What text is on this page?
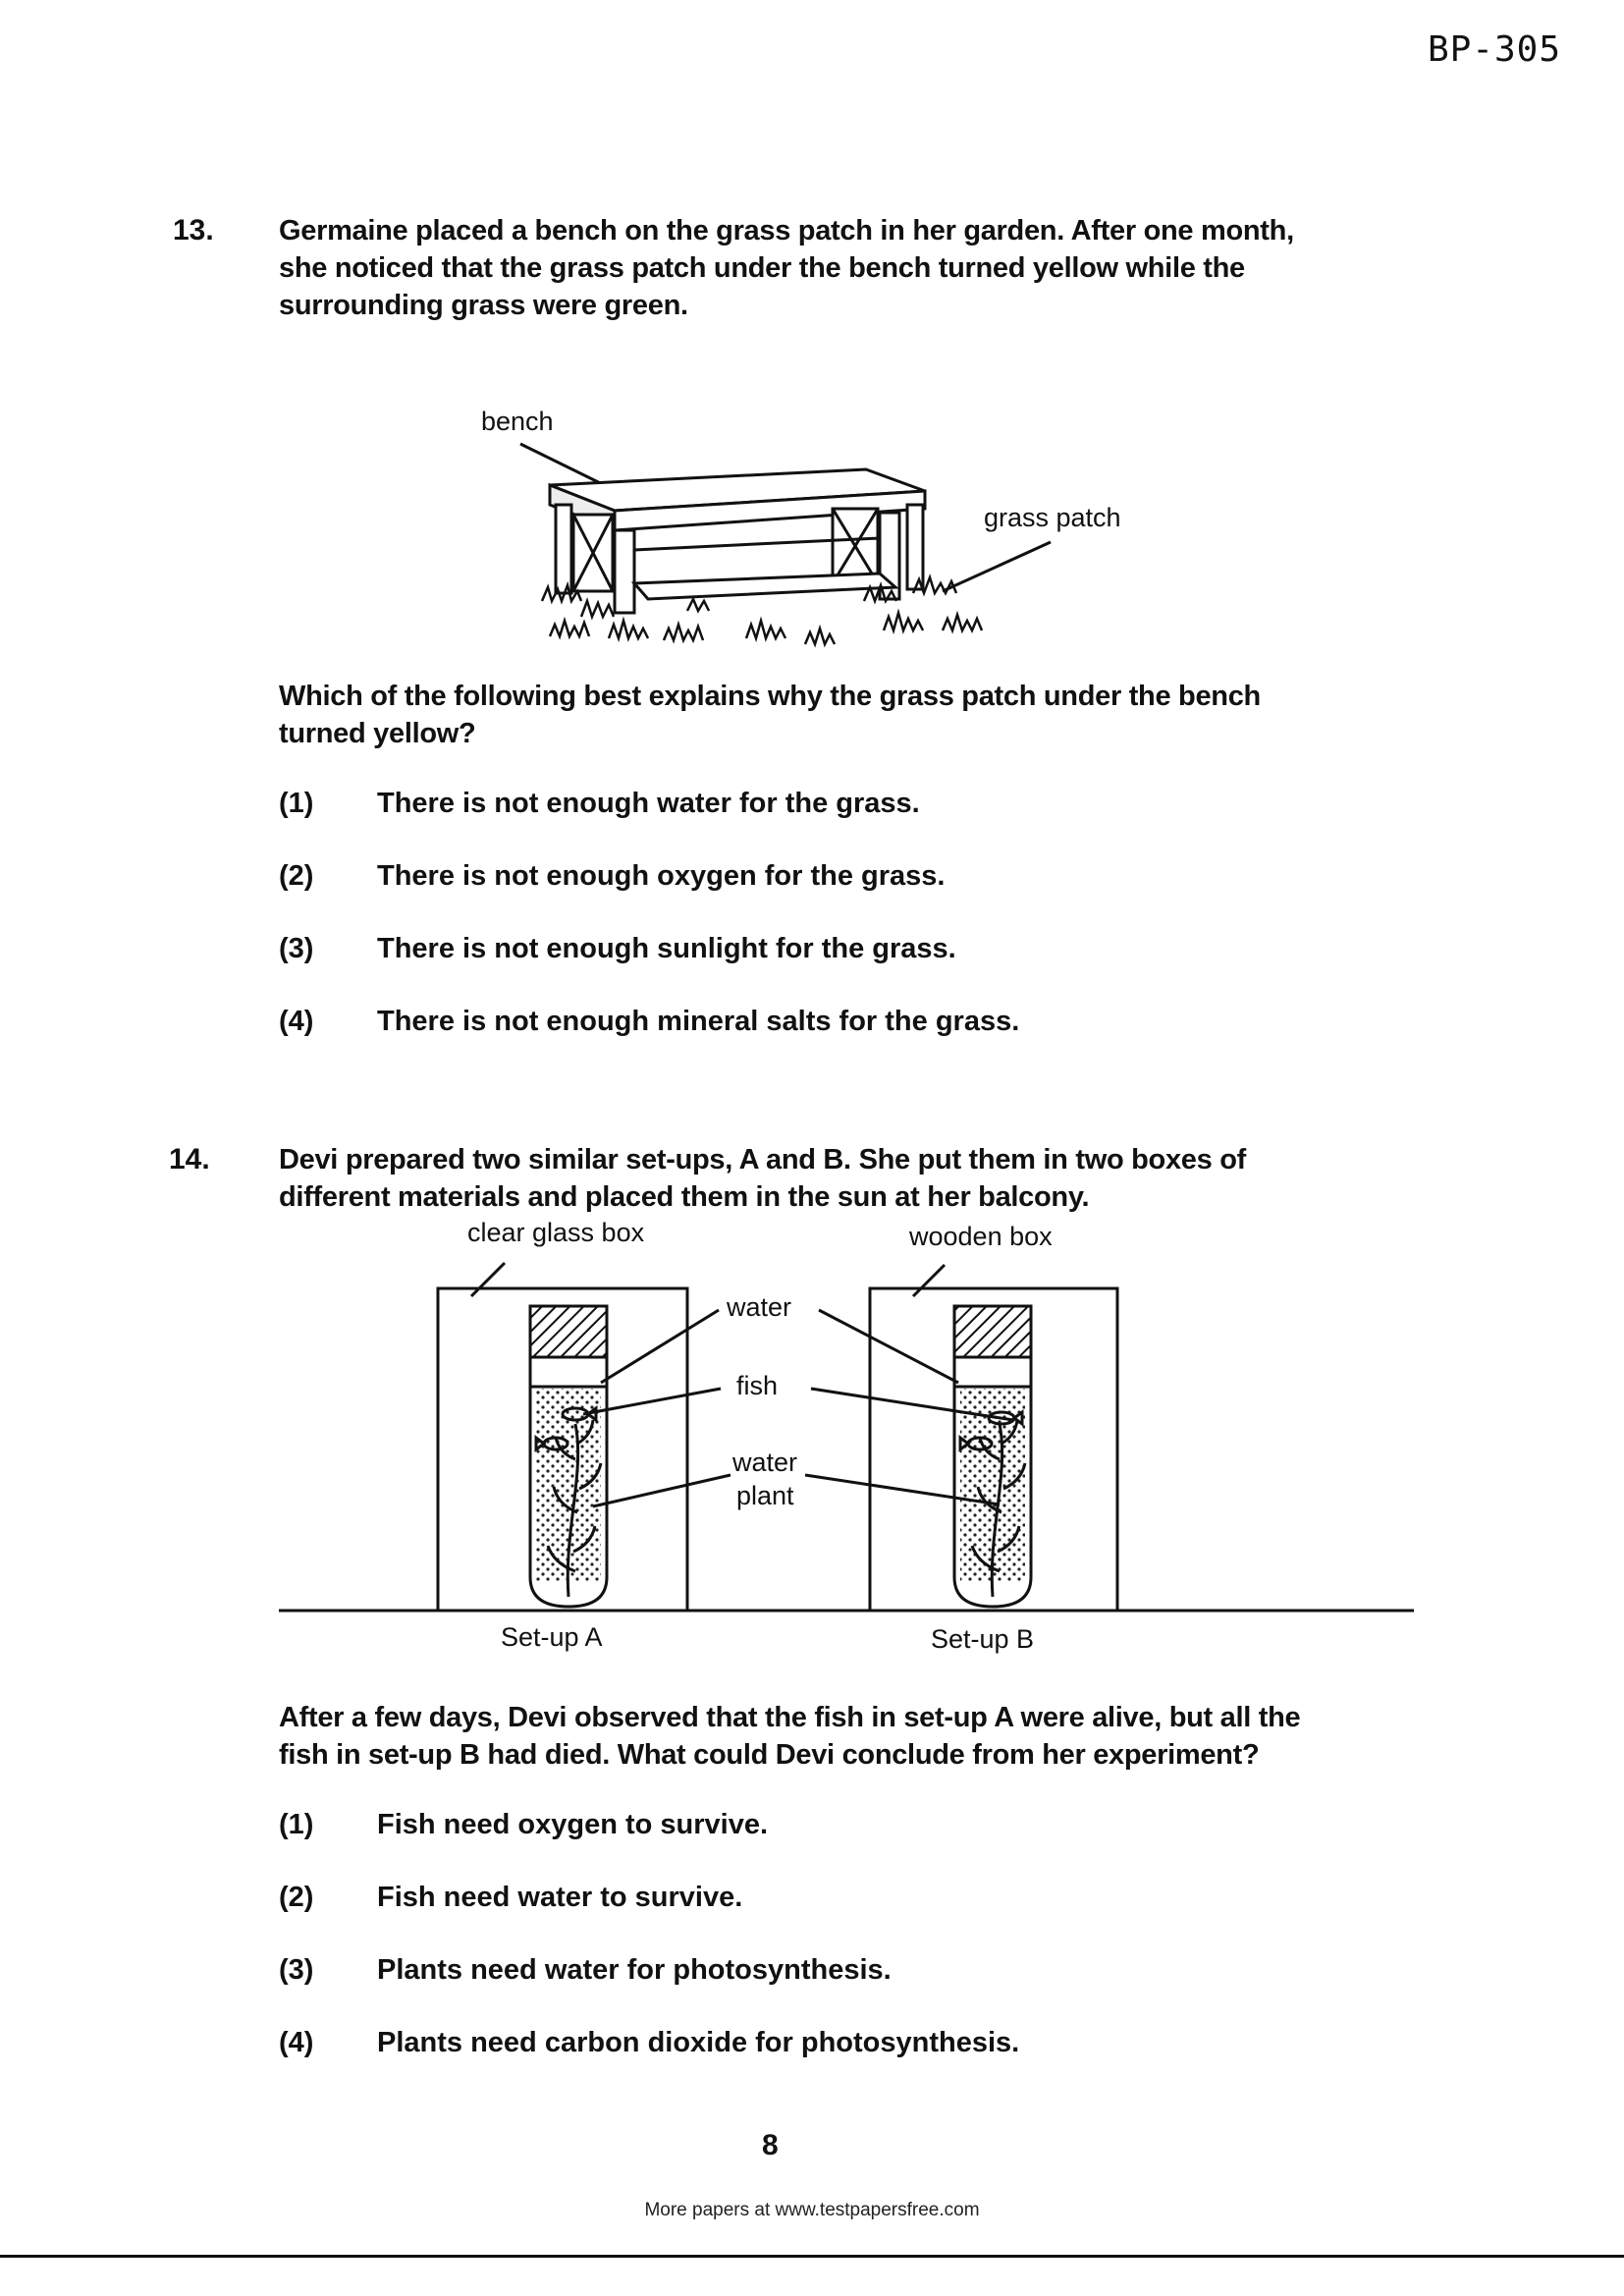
BP-305
13. Germaine placed a bench on the grass patch in her garden. After one month,
she noticed that the grass patch under the bench turned yellow while the
surrounding grass were green.
bench
grass patch
Which of the following best explains why the grass patch under the bench
turned yellow?
(1) There is not enough water for the grass.
(2) There is not enough oxygen for the grass.
(3) There is not enough sunlight for the grass.
(4) There is not enough mineral salts for the grass.
14. Devi prepared two similar set-ups, A and B. She put them in two boxes of
different materials and placed them in the sun at her balcony.
clear glass box	wooden box
water
fish
water
plant
Set-up A	Set-up B
After a few days, Devi observed that the fish in set-up A were alive, but all the
fish in set-up B had died. What could Devi conclude from her experiment?
(1) Fish need oxygen to survive.
(2) Fish need water to survive.
(3) Plants need water for photosynthesis.
(4) Plants need carbon dioxide for photosynthesis.
8
More papers at www.testpapersfree.com
